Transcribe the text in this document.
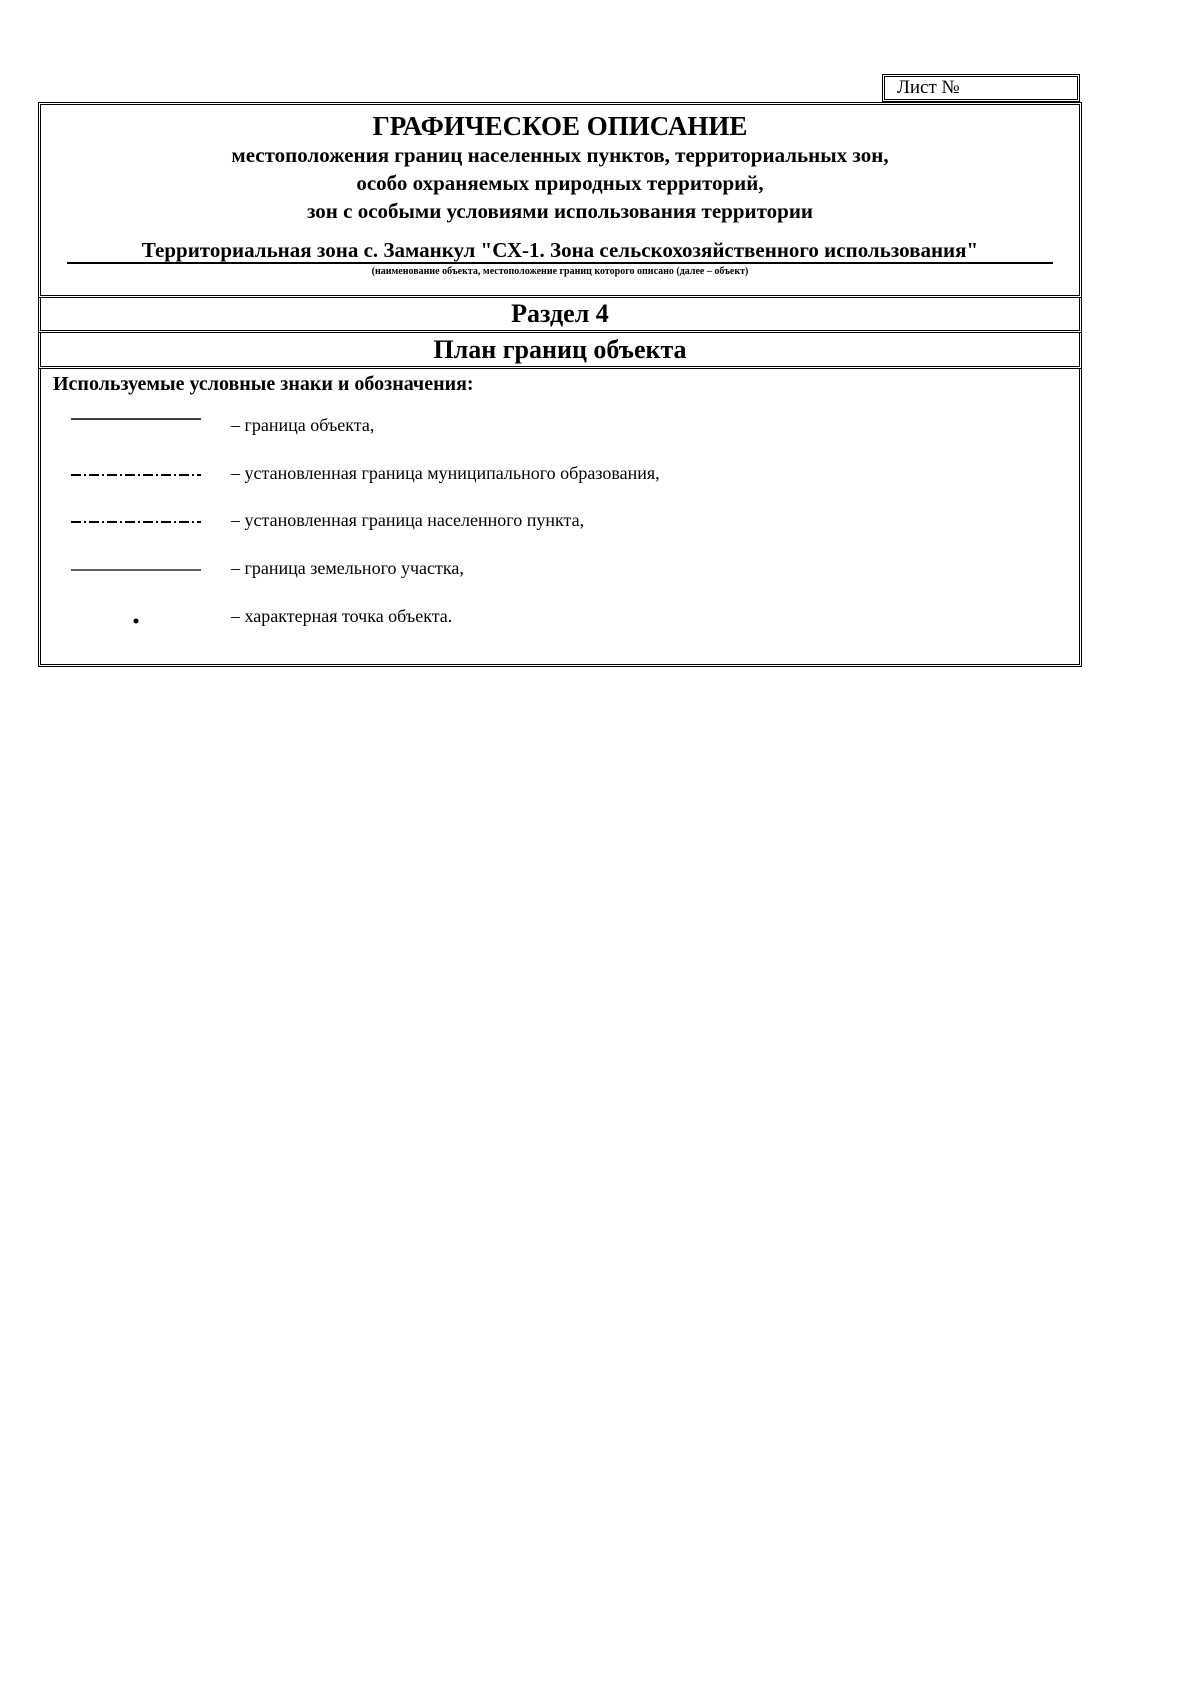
Лист №
ГРАФИЧЕСКОЕ ОПИСАНИЕ
местоположения границ населенных пунктов, территориальных зон,
особо охраняемых природных территорий,
зон с особыми условиями использования территории
Территориальная зона с. Заманкул "СХ-1. Зона сельскохозяйственного использования"
(наименование объекта, местоположение границ которого описано (далее – объект)
Раздел 4
План границ объекта
Используемые условные знаки и обозначения:
– граница объекта,
– установленная граница муниципального образования,
– установленная граница населенного пункта,
– граница земельного участка,
– характерная точка объекта.
